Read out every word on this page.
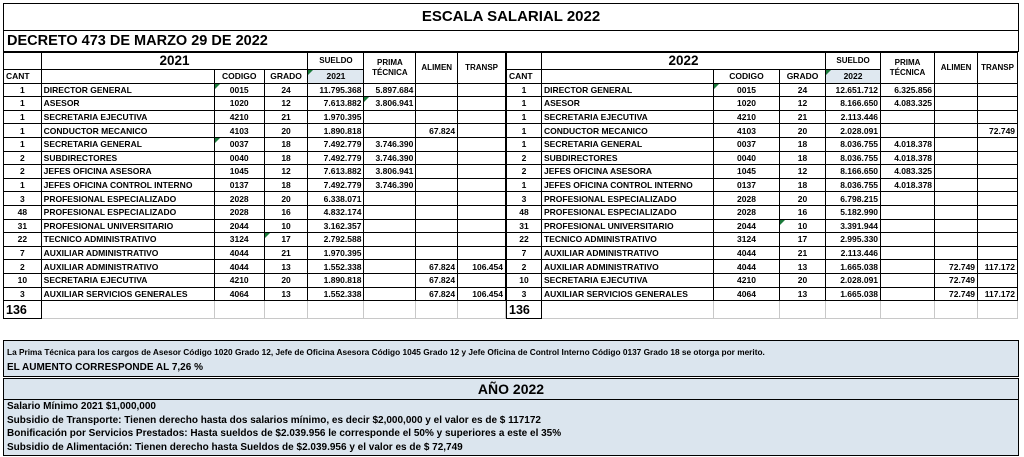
ESCALA SALARIAL 2022
DECRETO 473 DE MARZO 29 DE 2022
	2021			SUELDO	PRIMA TÉCNICA	ALIMEN	TRANSP
CANT		CODIGO	GRADO	2021			
1	DIRECTOR GENERAL	0015	24	11.795.368	5.897.684		
1	ASESOR	1020	12	7.613.882	3.806.941		
1	SECRETARIA EJECUTIVA	4210	21	1.970.395			
1	CONDUCTOR MECANICO	4103	20	1.890.818		67.824	
1	SECRETARIA GENERAL	0037	18	7.492.779	3.746.390		
2	SUBDIRECTORES	0040	18	7.492.779	3.746.390		
2	JEFES OFICINA ASESORA	1045	12	7.613.882	3.806.941		
1	JEFES OFICINA CONTROL INTERNO	0137	18	7.492.779	3.746.390		
3	PROFESIONAL ESPECIALIZADO	2028	20	6.338.071			
48	PROFESIONAL ESPECIALIZADO	2028	16	4.832.174			
31	PROFESIONAL UNIVERSITARIO	2044	10	3.162.357			
22	TECNICO ADMINISTRATIVO	3124	17	2.792.588			
7	AUXILIAR ADMINISTRATIVO	4044	21	1.970.395			
2	AUXILIAR ADMINISTRATIVO	4044	13	1.552.338		67.824	106.454
10	SECRETARIA EJECUTIVA	4210	20	1.890.818		67.824	
3	AUXILIAR SERVICIOS GENERALES	4064	13	1.552.338		67.824	106.454
136							
	2022			SUELDO	PRIMA TÉCNICA	ALIMEN	TRANSP
CANT		CODIGO	GRADO	2022			
1	DIRECTOR GENERAL	0015	24	12.651.712	6.325.856		
1	ASESOR	1020	12	8.166.650	4.083.325		
1	SECRETARIA EJECUTIVA	4210	21	2.113.446			
1	CONDUCTOR MECANICO	4103	20	2.028.091			72.749
1	SECRETARIA GENERAL	0037	18	8.036.755	4.018.378		
2	SUBDIRECTORES	0040	18	8.036.755	4.018.378		
2	JEFES OFICINA ASESORA	1045	12	8.166.650	4.083.325		
1	JEFES OFICINA CONTROL INTERNO	0137	18	8.036.755	4.018.378		
3	PROFESIONAL ESPECIALIZADO	2028	20	6.798.215			
48	PROFESIONAL ESPECIALIZADO	2028	16	5.182.990			
31	PROFESIONAL UNIVERSITARIO	2044	10	3.391.944			
22	TECNICO ADMINISTRATIVO	3124	17	2.995.330			
7	AUXILIAR ADMINISTRATIVO	4044	21	2.113.446			
2	AUXILIAR ADMINISTRATIVO	4044	13	1.665.038		72.749	117.172
10	SECRETARIA EJECUTIVA	4210	20	2.028.091		72.749	
3	AUXILIAR SERVICIOS GENERALES	4064	13	1.665.038		72.749	117.172
136							
La Prima Técnica para los cargos de Asesor Código 1020 Grado 12, Jefe de Oficina Asesora Código 1045 Grado 12 y Jefe Oficina de Control Interno Código 0137 Grado 18 se otorga por merito.
EL AUMENTO CORRESPONDE AL 7,26 %
AÑO 2022
Salario Mínimo 2021 $1,000,000
Subsidio de Transporte: Tienen derecho hasta dos salarios mínimo, es decir $2,000,000 y el valor es de $ 117172
Bonificación por Servicios Prestados: Hasta sueldos de $2.039.956 le corresponde el 50% y superiores a este el 35%
Subsidio de Alimentación: Tienen derecho hasta Sueldos de $2.039.956 y el valor es de $ 72,749
